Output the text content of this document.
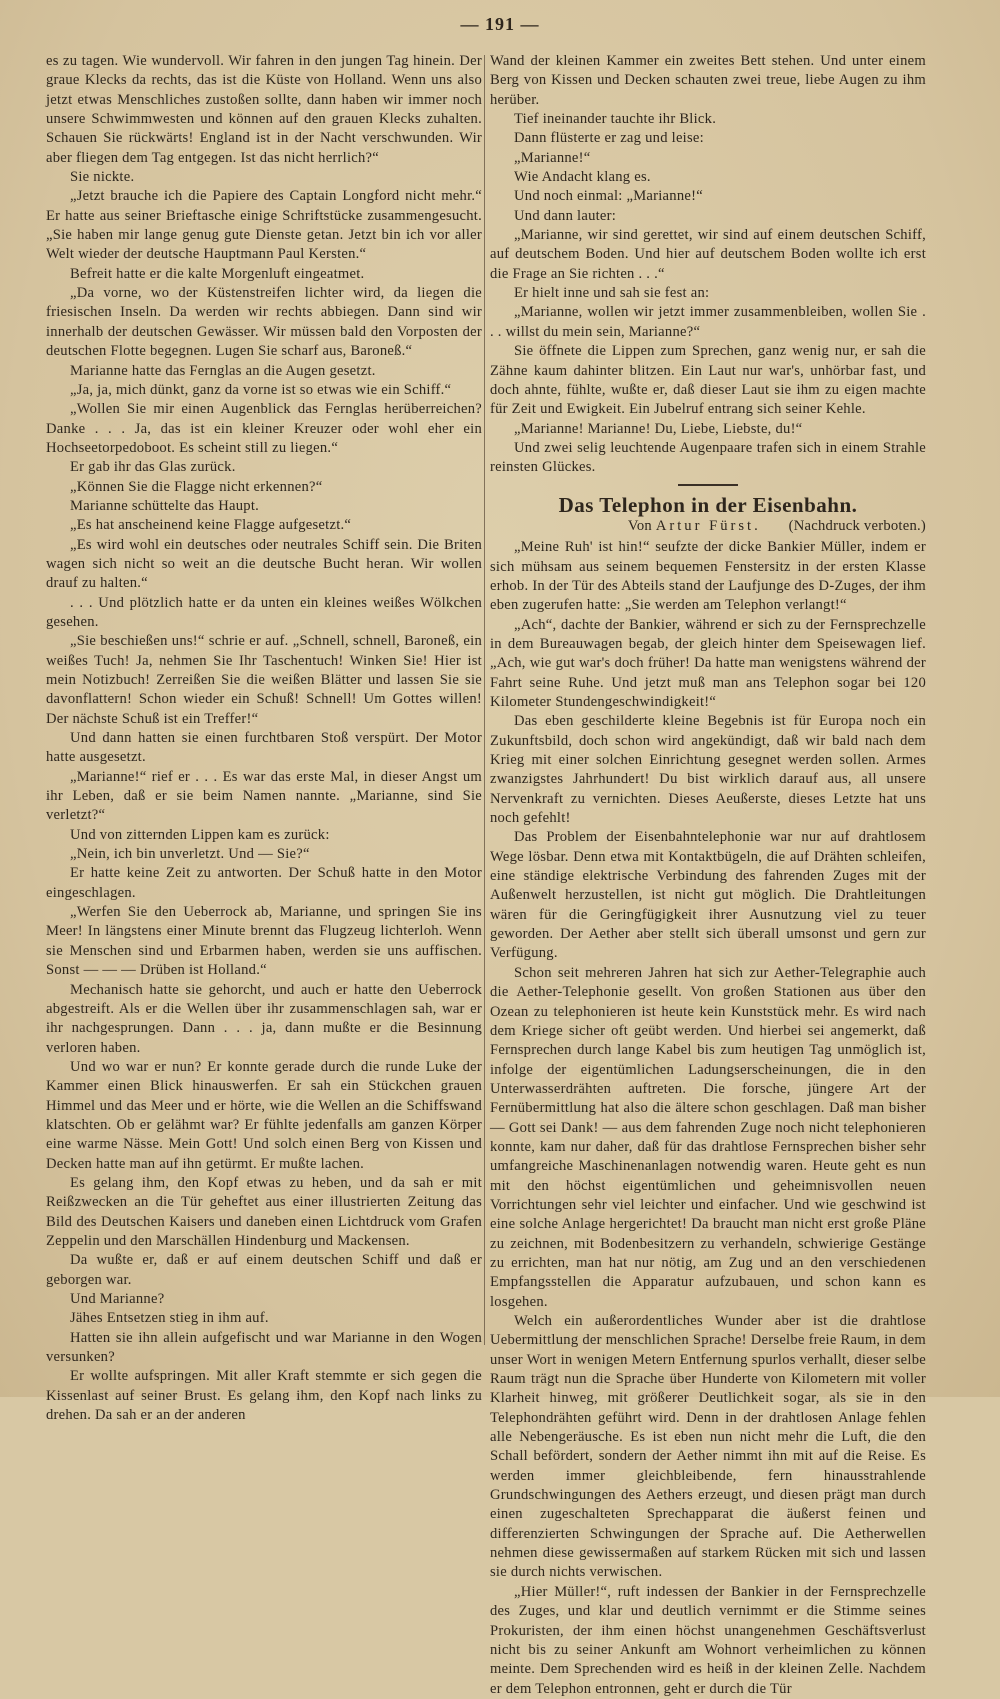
— 191 —

es zu tagen. Wie wundervoll. Wir fahren in den jungen Tag hinein. Der graue Klecks da rechts, das ist die Küste von Holland. Wenn uns also jetzt etwas Menschliches zustoßen sollte, dann haben wir immer noch unsere Schwimmwesten und können auf den grauen Klecks zuhalten. Schauen Sie rückwärts! England ist in der Nacht verschwunden. Wir aber fliegen dem Tag entgegen. Ist das nicht herrlich?“

Sie nickte.

„Jetzt brauche ich die Papiere des Captain Longford nicht mehr.“ Er hatte aus seiner Brieftasche einige Schriftstücke zusammengesucht. „Sie haben mir lange genug gute Dienste getan. Jetzt bin ich vor aller Welt wieder der deutsche Hauptmann Paul Kersten.“

Befreit hatte er die kalte Morgenluft eingeatmet.

„Da vorne, wo der Küstenstreifen lichter wird, da liegen die friesischen Inseln. Da werden wir rechts abbiegen. Dann sind wir innerhalb der deutschen Gewässer. Wir müssen bald den Vorposten der deutschen Flotte begegnen. Lugen Sie scharf aus, Baroneß.“

Marianne hatte das Fernglas an die Augen gesetzt.

„Ja, ja, mich dünkt, ganz da vorne ist so etwas wie ein Schiff.“

„Wollen Sie mir einen Augenblick das Fernglas herüberreichen? Danke . . . Ja, das ist ein kleiner Kreuzer oder wohl eher ein Hochseetorpedoboot. Es scheint still zu liegen.“

Er gab ihr das Glas zurück.

„Können Sie die Flagge nicht erkennen?“

Marianne schüttelte das Haupt.

„Es hat anscheinend keine Flagge aufgesetzt.“

„Es wird wohl ein deutsches oder neutrales Schiff sein. Die Briten wagen sich nicht so weit an die deutsche Bucht heran. Wir wollen drauf zu halten.“

. . . Und plötzlich hatte er da unten ein kleines weißes Wölkchen gesehen.

„Sie beschießen uns!“ schrie er auf. „Schnell, schnell, Baroneß, ein weißes Tuch! Ja, nehmen Sie Ihr Taschentuch! Winken Sie! Hier ist mein Notizbuch! Zerreißen Sie die weißen Blätter und lassen Sie sie davonflattern! Schon wieder ein Schuß! Schnell! Um Gottes willen! Der nächste Schuß ist ein Treffer!“

Und dann hatten sie einen furchtbaren Stoß verspürt. Der Motor hatte ausgesetzt.

„Marianne!“ rief er . . . Es war das erste Mal, in dieser Angst um ihr Leben, daß er sie beim Namen nannte. „Marianne, sind Sie verletzt?“

Und von zitternden Lippen kam es zurück:

„Nein, ich bin unverletzt. Und — Sie?“

Er hatte keine Zeit zu antworten. Der Schuß hatte in den Motor eingeschlagen.

„Werfen Sie den Ueberrock ab, Marianne, und springen Sie ins Meer! In längstens einer Minute brennt das Flugzeug lichterloh. Wenn sie Menschen sind und Erbarmen haben, werden sie uns auffischen. Sonst — — — Drüben ist Holland.“

Mechanisch hatte sie gehorcht, und auch er hatte den Ueberrock abgestreift. Als er die Wellen über ihr zusammenschlagen sah, war er ihr nachgesprungen. Dann . . . ja, dann mußte er die Besinnung verloren haben.

Und wo war er nun? Er konnte gerade durch die runde Luke der Kammer einen Blick hinauswerfen. Er sah ein Stückchen grauen Himmel und das Meer und er hörte, wie die Wellen an die Schiffswand klatschten. Ob er gelähmt war? Er fühlte jedenfalls am ganzen Körper eine warme Nässe. Mein Gott! Und solch einen Berg von Kissen und Decken hatte man auf ihn getürmt. Er mußte lachen.

Es gelang ihm, den Kopf etwas zu heben, und da sah er mit Reißzwecken an die Tür geheftet aus einer illustrierten Zeitung das Bild des Deutschen Kaisers und daneben einen Lichtdruck vom Grafen Zeppelin und den Marschällen Hindenburg und Mackensen.

Da wußte er, daß er auf einem deutschen Schiff und daß er geborgen war.

Und Marianne?

Jähes Entsetzen stieg in ihm auf.

Hatten sie ihn allein aufgefischt und war Marianne in den Wogen versunken?

Er wollte aufspringen. Mit aller Kraft stemmte er sich gegen die Kissenlast auf seiner Brust. Es gelang ihm, den Kopf nach links zu drehen. Da sah er an der anderen

Wand der kleinen Kammer ein zweites Bett stehen. Und unter einem Berg von Kissen und Decken schauten zwei treue, liebe Augen zu ihm herüber.

Tief ineinander tauchte ihr Blick.

Dann flüsterte er zag und leise:

„Marianne!“

Wie Andacht klang es.

Und noch einmal: „Marianne!“

Und dann lauter:

„Marianne, wir sind gerettet, wir sind auf einem deutschen Schiff, auf deutschem Boden. Und hier auf deutschem Boden wollte ich erst die Frage an Sie richten . . .“

Er hielt inne und sah sie fest an:

„Marianne, wollen wir jetzt immer zusammenbleiben, wollen Sie . . . willst du mein sein, Marianne?“

Sie öffnete die Lippen zum Sprechen, ganz wenig nur, er sah die Zähne kaum dahinter blitzen. Ein Laut nur war's, unhörbar fast, und doch ahnte, fühlte, wußte er, daß dieser Laut sie ihm zu eigen machte für Zeit und Ewigkeit. Ein Jubelruf entrang sich seiner Kehle.

„Marianne! Marianne! Du, Liebe, Liebste, du!“

Und zwei selig leuchtende Augenpaare trafen sich in einem Strahle reinsten Glückes.

Das Telephon in der Eisenbahn.
Von Artur Fürst. (Nachdruck verboten.)

„Meine Ruh' ist hin!“ seufzte der dicke Bankier Müller, indem er sich mühsam aus seinem bequemen Fenstersitz in der ersten Klasse erhob. In der Tür des Abteils stand der Laufjunge des D-Zuges, der ihm eben zugerufen hatte: „Sie werden am Telephon verlangt!“

„Ach“, dachte der Bankier, während er sich zu der Fernsprechzelle in dem Bureauwagen begab, der gleich hinter dem Speisewagen lief. „Ach, wie gut war's doch früher! Da hatte man wenigstens während der Fahrt seine Ruhe. Und jetzt muß man ans Telephon sogar bei 120 Kilometer Stundengeschwindigkeit!“

Das eben geschilderte kleine Begebnis ist für Europa noch ein Zukunftsbild, doch schon wird angekündigt, daß wir bald nach dem Krieg mit einer solchen Einrichtung gesegnet werden sollen. Armes zwanzigstes Jahrhundert! Du bist wirklich darauf aus, all unsere Nervenkraft zu vernichten. Dieses Aeußerste, dieses Letzte hat uns noch gefehlt!

Das Problem der Eisenbahntelephonie war nur auf drahtlosem Wege lösbar. Denn etwa mit Kontaktbügeln, die auf Drähten schleifen, eine ständige elektrische Verbindung des fahrenden Zuges mit der Außenwelt herzustellen, ist nicht gut möglich. Die Drahtleitungen wären für die Geringfügigkeit ihrer Ausnutzung viel zu teuer geworden. Der Aether aber stellt sich überall umsonst und gern zur Verfügung.

Schon seit mehreren Jahren hat sich zur Aether-Telegraphie auch die Aether-Telephonie gesellt. Von großen Stationen aus über den Ozean zu telephonieren ist heute kein Kunststück mehr. Es wird nach dem Kriege sicher oft geübt werden. Und hierbei sei angemerkt, daß Fernsprechen durch lange Kabel bis zum heutigen Tag unmöglich ist, infolge der eigentümlichen Ladungserscheinungen, die in den Unterwasserdrähten auftreten. Die forsche, jüngere Art der Fernübermittlung hat also die ältere schon geschlagen. Daß man bisher — Gott sei Dank! — aus dem fahrenden Zuge noch nicht telephonieren konnte, kam nur daher, daß für das drahtlose Fernsprechen bisher sehr umfangreiche Maschinenanlagen notwendig waren. Heute geht es nun mit den höchst eigentümlichen und geheimnisvollen neuen Vorrichtungen sehr viel leichter und einfacher. Und wie geschwind ist eine solche Anlage hergerichtet! Da braucht man nicht erst große Pläne zu zeichnen, mit Bodenbesitzern zu verhandeln, schwierige Gestänge zu errichten, man hat nur nötig, am Zug und an den verschiedenen Empfangsstellen die Apparatur aufzubauen, und schon kann es losgehen.

Welch ein außerordentliches Wunder aber ist die drahtlose Uebermittlung der menschlichen Sprache! Derselbe freie Raum, in dem unser Wort in wenigen Metern Entfernung spurlos verhallt, dieser selbe Raum trägt nun die Sprache über Hunderte von Kilometern mit voller Klarheit hinweg, mit größerer Deutlichkeit sogar, als sie in den Telephondrähten geführt wird. Denn in der drahtlosen Anlage fehlen alle Nebengeräusche. Es ist eben nun nicht mehr die Luft, die den Schall befördert, sondern der Aether nimmt ihn mit auf die Reise. Es werden immer gleichbleibende, fern hinausstrahlende Grundschwingungen des Aethers erzeugt, und diesen prägt man durch einen zugeschalteten Sprechapparat die äußerst feinen und differenzierten Schwingungen der Sprache auf. Die Aetherwellen nehmen diese gewissermaßen auf starkem Rücken mit sich und lassen sie durch nichts verwischen.

„Hier Müller!“, ruft indessen der Bankier in der Fernsprechzelle des Zuges, und klar und deutlich vernimmt er die Stimme seines Prokuristen, der ihm einen höchst unangenehmen Geschäftsverlust nicht bis zu seiner Ankunft am Wohnort verheimlichen zu können meinte. Dem Sprechenden wird es heiß in der kleinen Zelle. Nachdem er dem Telephon entronnen, geht er durch die Tür
